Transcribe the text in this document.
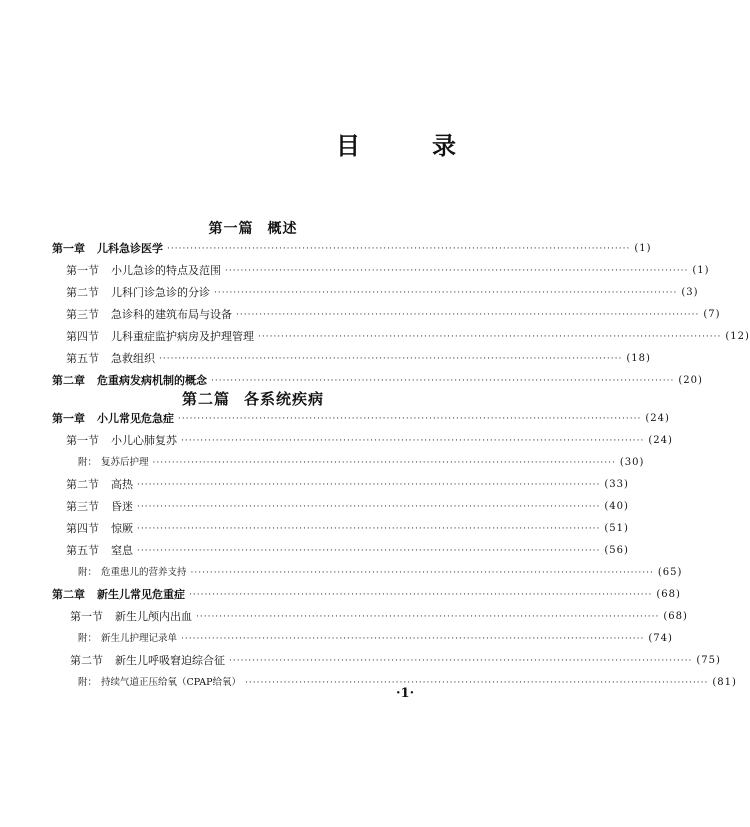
目	录
第一篇 概述
第二篇 各系统疾病
第一章 儿科急诊医学 ························································································································ (1)
第一节 小儿急诊的特点及范围 ························································································································ (1)
第二节 儿科门诊急诊的分诊 ························································································································ (3)
第三节 急诊科的建筑布局与设备 ························································································································ (7)
第四节 儿科重症监护病房及护理管理 ························································································································ (12)
第五节 急救组织 ························································································································ (18)
第二章 危重病发病机制的概念 ························································································································ (20)
第一章 小儿常见危急症 ························································································································ (24)
第一节 小儿心肺复苏 ························································································································ (24)
附： 复苏后护理 ························································································································ (30)
第二节 高热 ························································································································ (33)
第三节 昏迷 ························································································································ (40)
第四节 惊厥 ························································································································ (51)
第五节 窒息 ························································································································ (56)
附： 危重患儿的营养支持 ························································································································ (65)
第二章 新生儿常见危重症 ························································································································ (68)
第一节 新生儿颅内出血 ························································································································ (68)
附： 新生儿护理记录单 ························································································································ (74)
第二节 新生儿呼吸窘迫综合征 ························································································································ (75)
附： 持续气道正压给氧（CPAP给氧） ························································································································ (81)
·1·
